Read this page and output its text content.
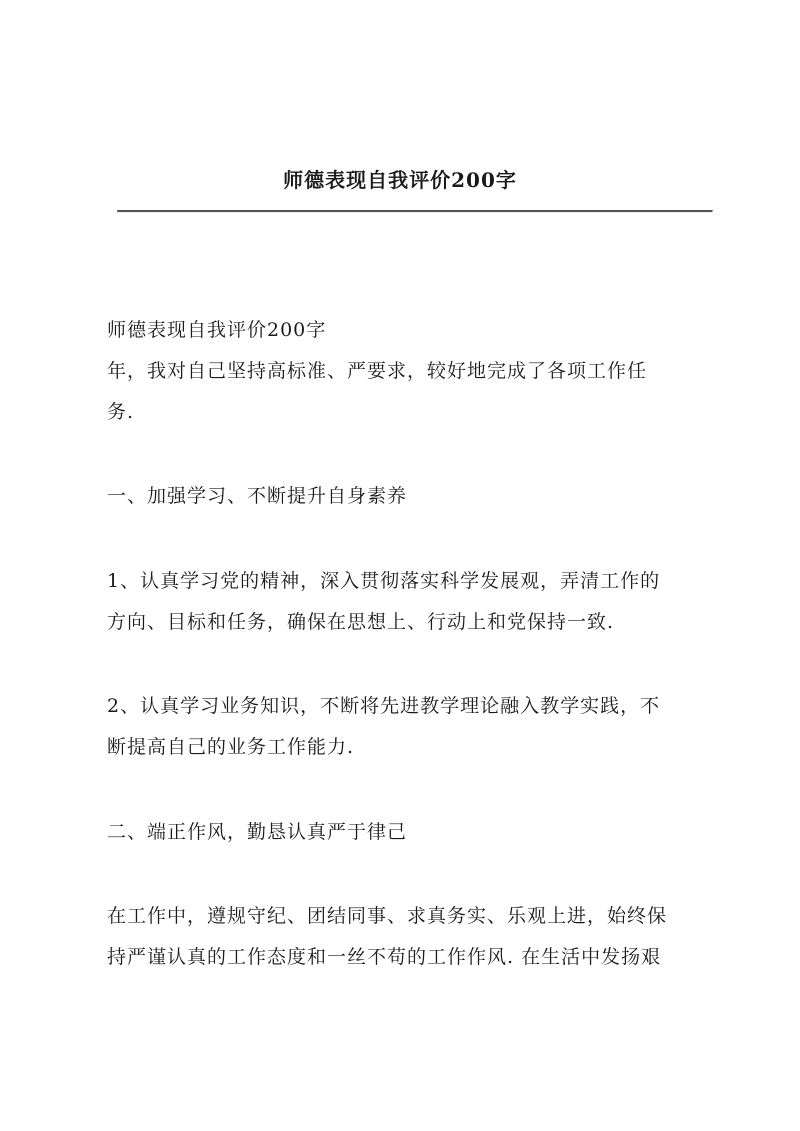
师德表现自我评价200字

师德表现自我评价200字

年，我对自己坚持高标准、严要求，较好地完成了各项工作任

务.

一、加强学习、不断提升自身素养

1、认真学习党的精神，深入贯彻落实科学发展观，弄清工作的

方向、目标和任务，确保在思想上、行动上和党保持一致.

2、认真学习业务知识，不断将先进教学理论融入教学实践，不

断提高自己的业务工作能力.

二、端正作风，勤恳认真严于律己

在工作中，遵规守纪、团结同事、求真务实、乐观上进，始终保

持严谨认真的工作态度和一丝不苟的工作作风. 在生活中发扬艰
